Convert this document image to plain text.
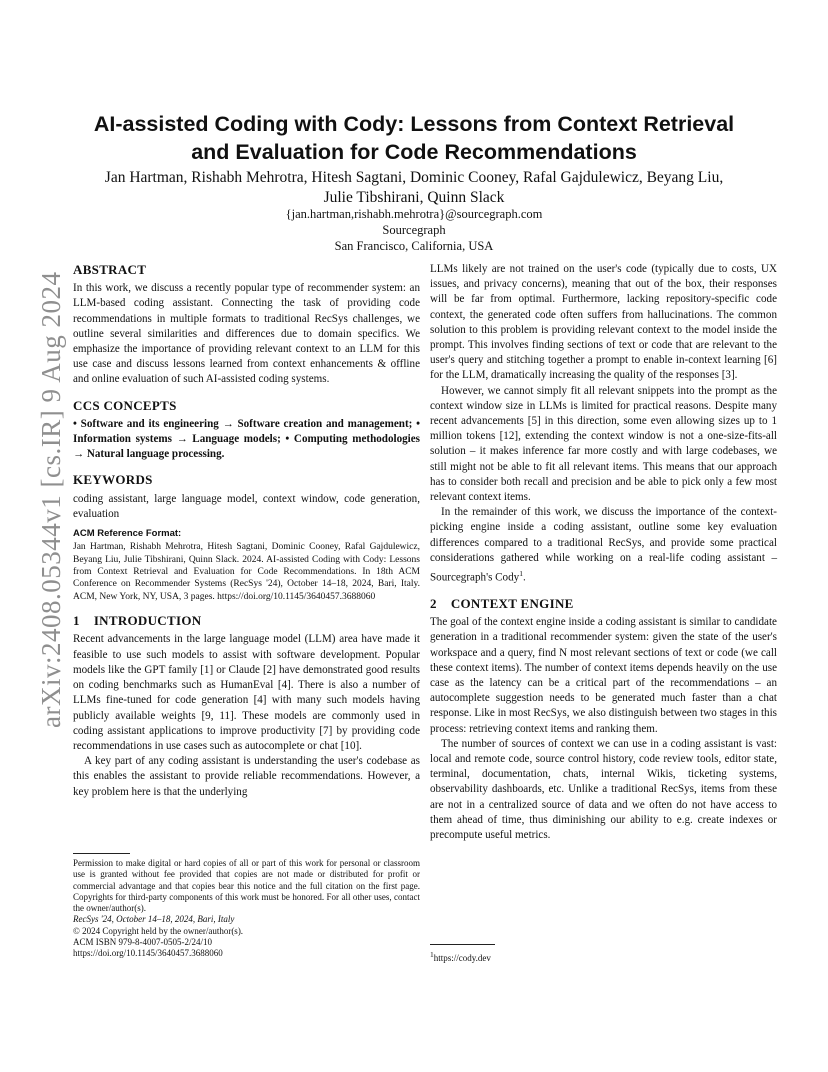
arXiv:2408.05344v1 [cs.IR] 9 Aug 2024
AI-assisted Coding with Cody: Lessons from Context Retrieval
and Evaluation for Code Recommendations
Jan Hartman, Rishabh Mehrotra, Hitesh Sagtani, Dominic Cooney, Rafal Gajdulewicz, Beyang Liu,
Julie Tibshirani, Quinn Slack
{jan.hartman,rishabh.mehrotra}@sourcegraph.com
Sourcegraph
San Francisco, California, USA
ABSTRACT

In this work, we discuss a recently popular type of recommender system: an LLM-based coding assistant. Connecting the task of providing code recommendations in multiple formats to traditional RecSys challenges, we outline several similarities and differences due to domain specifics. We emphasize the importance of providing relevant context to an LLM for this use case and discuss lessons learned from context enhancements & offline and online evaluation of such AI-assisted coding systems.

CCS CONCEPTS

• Software and its engineering → Software creation and management; • Information systems → Language models; • Computing methodologies → Natural language processing.

KEYWORDS

coding assistant, large language model, context window, code generation, evaluation

ACM Reference Format:

Jan Hartman, Rishabh Mehrotra, Hitesh Sagtani, Dominic Cooney, Rafal Gajdulewicz, Beyang Liu, Julie Tibshirani, Quinn Slack. 2024. AI-assisted Coding with Cody: Lessons from Context Retrieval and Evaluation for Code Recommendations. In 18th ACM Conference on Recommender Systems (RecSys '24), October 14–18, 2024, Bari, Italy. ACM, New York, NY, USA, 3 pages. https://doi.org/10.1145/3640457.3688060

1 INTRODUCTION

Recent advancements in the large language model (LLM) area have made it feasible to use such models to assist with software development. Popular models like the GPT family [1] or Claude [2] have demonstrated good results on coding benchmarks such as HumanEval [4]. There is also a number of LLMs fine-tuned for code generation [4] with many such models having publicly available weights [9, 11]. These models are commonly used in coding assistant applications to improve productivity [7] by providing code recommendations in use cases such as autocomplete or chat [10].

A key part of any coding assistant is understanding the user's codebase as this enables the assistant to provide reliable recommendations. However, a key problem here is that the underlying

LLMs likely are not trained on the user's code (typically due to costs, UX issues, and privacy concerns), meaning that out of the box, their responses will be far from optimal. Furthermore, lacking repository-specific code context, the generated code often suffers from hallucinations. The common solution to this problem is providing relevant context to the model inside the prompt. This involves finding sections of text or code that are relevant to the user's query and stitching together a prompt to enable in-context learning [6] for the LLM, dramatically increasing the quality of the responses [3].

However, we cannot simply fit all relevant snippets into the prompt as the context window size in LLMs is limited for practical reasons. Despite many recent advancements [5] in this direction, some even allowing sizes up to 1 million tokens [12], extending the context window is not a one-size-fits-all solution – it makes inference far more costly and with large codebases, we still might not be able to fit all relevant items. This means that our approach has to consider both recall and precision and be able to pick only a few most relevant context items.

In the remainder of this work, we discuss the importance of the context-picking engine inside a coding assistant, outline some key evaluation differences compared to a traditional RecSys, and provide some practical considerations gathered while working on a real-life coding assistant – Sourcegraph's Cody$^1$.

2 CONTEXT ENGINE

The goal of the context engine inside a coding assistant is similar to candidate generation in a traditional recommender system: given the state of the user's workspace and a query, find N most relevant sections of text or code (we call these context items). The number of context items depends heavily on the use case as the latency can be a critical part of the recommendations – an autocomplete suggestion needs to be generated much faster than a chat response. Like in most RecSys, we also distinguish between two stages in this process: retrieving context items and ranking them.

The number of sources of context we can use in a coding assistant is vast: local and remote code, source control history, code review tools, editor state, terminal, documentation, chats, internal Wikis, ticketing systems, observability dashboards, etc. Unlike a traditional RecSys, items from these are not in a centralized source of data and we often do not have access to them ahead of time, thus diminishing our ability to e.g. create indexes or precompute useful metrics.

Permission to make digital or hard copies of all or part of this work for personal or classroom use is granted without fee provided that copies are not made or distributed for profit or commercial advantage and that copies bear this notice and the full citation on the first page. Copyrights for third-party components of this work must be honored. For all other uses, contact the owner/author(s).
RecSys '24, October 14–18, 2024, Bari, Italy
© 2024 Copyright held by the owner/author(s).
ACM ISBN 979-8-4007-0505-2/24/10
https://doi.org/10.1145/3640457.3688060	$^1$https://cody.dev
